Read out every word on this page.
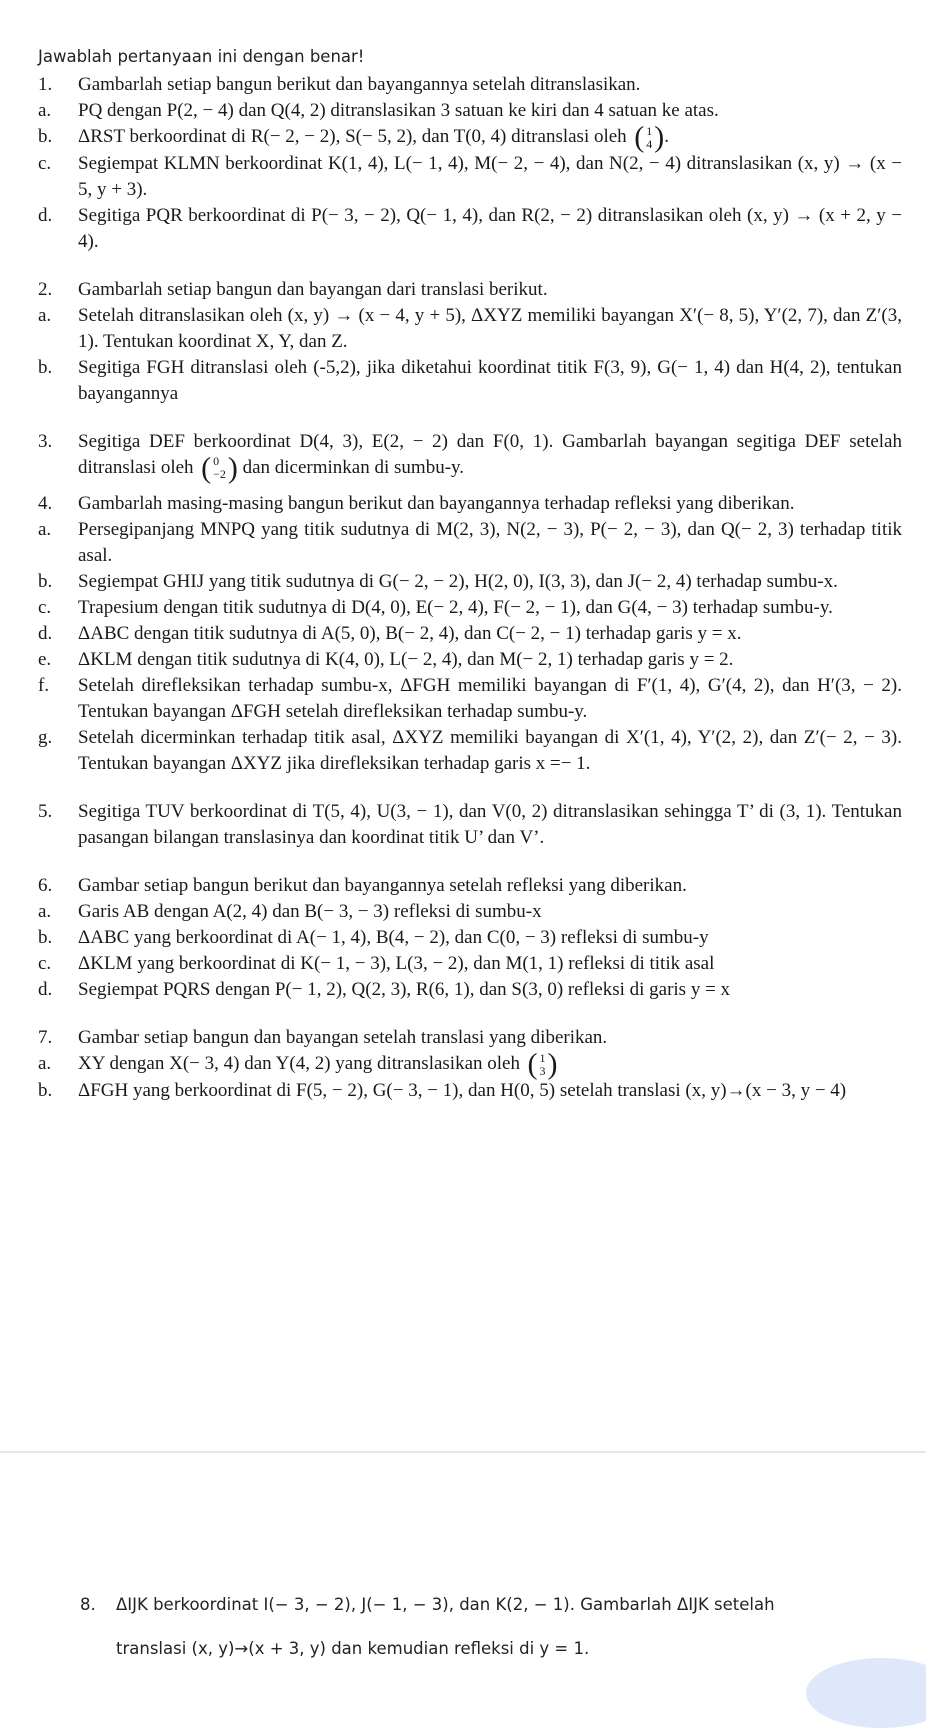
Jawablah pertanyaan ini dengan benar!
1.	Gambarlah setiap bangun berikut dan bayangannya setelah ditranslasikan.
a.	PQ dengan P(2, − 4) dan Q(4, 2) ditranslasikan 3 satuan ke kiri dan 4 satuan ke atas.
b.	ΔRST berkoordinat di R(− 2, − 2), S(− 5, 2), dan T(0, 4) ditranslasi oleh ( 1
4 ).
c.	Segiempat KLMN berkoordinat K(1, 4), L(− 1, 4), M(− 2, − 4), dan N(2, − 4) ditranslasikan (x, y) → (x − 5, y + 3).
d.	Segitiga PQR berkoordinat di P(− 3, − 2), Q(− 1, 4), dan R(2, − 2) ditranslasikan oleh (x, y) → (x + 2, y − 4).
2.	Gambarlah setiap bangun dan bayangan dari translasi berikut.
a.	Setelah ditranslasikan oleh (x, y) → (x − 4, y + 5), ΔXYZ memiliki bayangan X′(− 8, 5), Y′(2, 7), dan Z′(3, 1). Tentukan koordinat X, Y, dan Z.
b.	Segitiga FGH ditranslasi oleh (-5,2), jika diketahui koordinat titik F(3, 9), G(− 1, 4) dan H(4, 2), tentukan bayangannya
3.	Segitiga DEF berkoordinat D(4, 3), E(2, − 2) dan F(0, 1). Gambarlah bayangan segitiga DEF setelah ditranslasi oleh ( 0
−2 ) dan dicerminkan di sumbu-y.
4.	Gambarlah masing-masing bangun berikut dan bayangannya terhadap refleksi yang diberikan.
a.	Persegipanjang MNPQ yang titik sudutnya di M(2, 3), N(2, − 3), P(− 2, − 3), dan Q(− 2, 3) terhadap titik asal.
b.	Segiempat GHIJ yang titik sudutnya di G(− 2, − 2), H(2, 0), I(3, 3), dan J(− 2, 4) terhadap sumbu-x.
c.	Trapesium dengan titik sudutnya di D(4, 0), E(− 2, 4), F(− 2, − 1), dan G(4, − 3) terhadap sumbu-y.
d.	ΔABC dengan titik sudutnya di A(5, 0), B(− 2, 4), dan C(− 2, − 1) terhadap garis y = x.
e.	ΔKLM dengan titik sudutnya di K(4, 0), L(− 2, 4), dan M(− 2, 1) terhadap garis y = 2.
f.	Setelah direfleksikan terhadap sumbu-x, ΔFGH memiliki bayangan di F′(1, 4), G′(4, 2), dan H′(3, − 2). Tentukan bayangan ΔFGH setelah direfleksikan terhadap sumbu-y.
g.	Setelah dicerminkan terhadap titik asal, ΔXYZ memiliki bayangan di X′(1, 4), Y′(2, 2), dan Z′(− 2, − 3). Tentukan bayangan ΔXYZ jika direfleksikan terhadap garis x =− 1.
5.	Segitiga TUV berkoordinat di T(5, 4), U(3, − 1), dan V(0, 2) ditranslasikan sehingga T’ di (3, 1). Tentukan pasangan bilangan translasinya dan koordinat titik U’ dan V’.
6.	Gambar setiap bangun berikut dan bayangannya setelah refleksi yang diberikan.
a.	Garis AB dengan A(2, 4) dan B(− 3, − 3) refleksi di sumbu-x
b.	ΔABC yang berkoordinat di A(− 1, 4), B(4, − 2), dan C(0, − 3) refleksi di sumbu-y
c.	ΔKLM yang berkoordinat di K(− 1, − 3), L(3, − 2), dan M(1, 1) refleksi di titik asal
d.	Segiempat PQRS dengan P(− 1, 2), Q(2, 3), R(6, 1), dan S(3, 0) refleksi di garis y = x
7.	Gambar setiap bangun dan bayangan setelah translasi yang diberikan.
a.	XY dengan X(− 3, 4) dan Y(4, 2) yang ditranslasikan oleh ( 1
3 )
b.	ΔFGH yang berkoordinat di F(5, − 2), G(− 3, − 1), dan H(0, 5) setelah translasi (x, y)→(x − 3, y − 4)
8.	ΔIJK berkoordinat I(− 3, − 2), J(− 1, − 3), dan K(2, − 1). Gambarlah ΔIJK setelah
translasi (x, y)→(x + 3, y) dan kemudian refleksi di y = 1.
